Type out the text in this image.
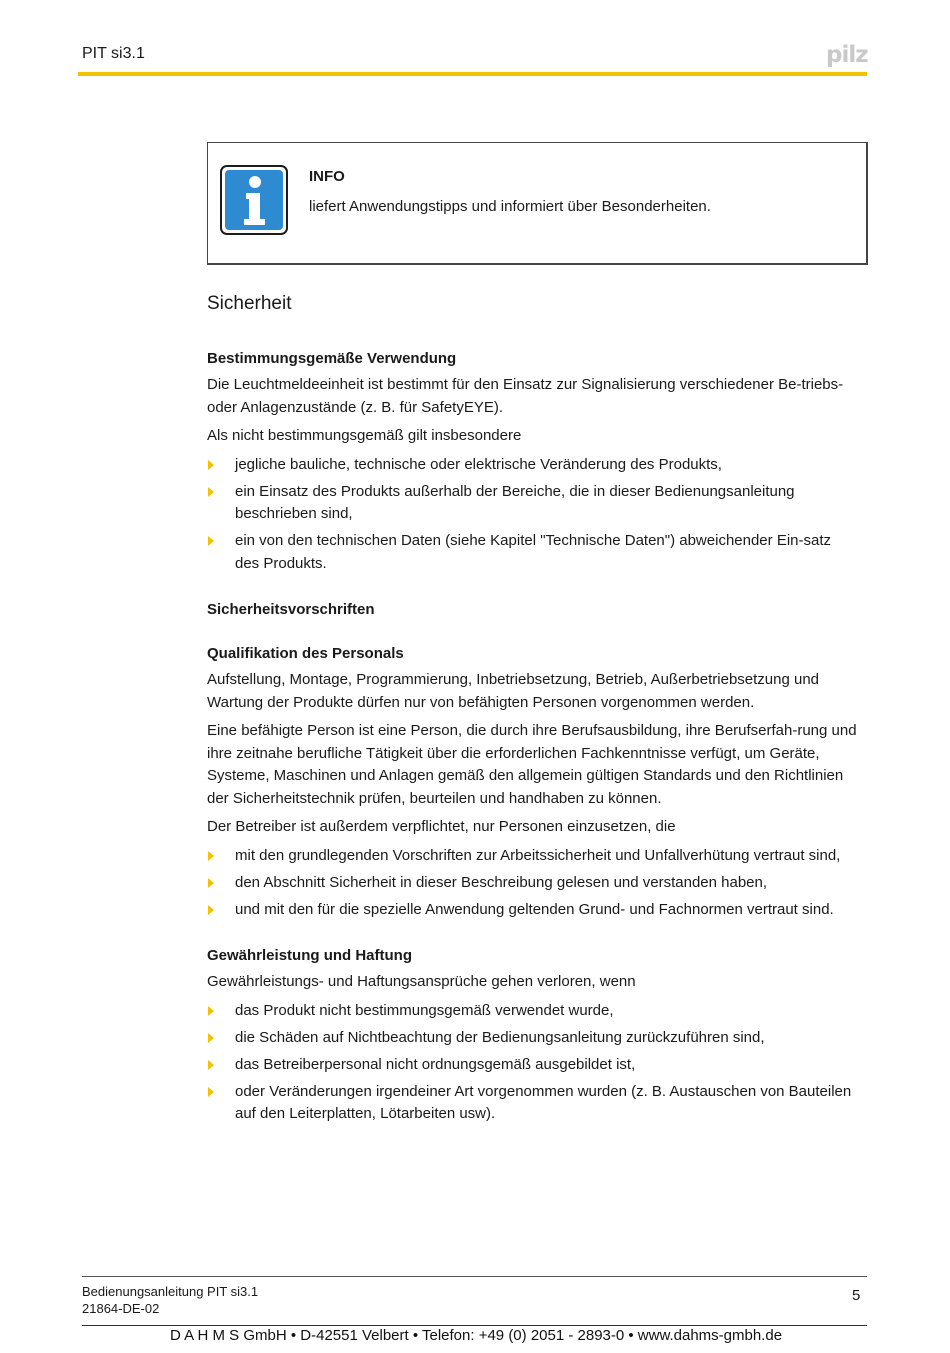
PIT si3.1	pilz
INFO
liefert Anwendungstipps und informiert über Besonderheiten.
Sicherheit
Bestimmungsgemäße Verwendung
Die Leuchtmeldeeinheit ist bestimmt für den Einsatz zur Signalisierung verschiedener Be-triebs- oder Anlagenzustände (z. B. für SafetyEYE).
Als nicht bestimmungsgemäß gilt insbesondere
jegliche bauliche, technische oder elektrische Veränderung des Produkts,
ein Einsatz des Produkts außerhalb der Bereiche, die in dieser Bedienungsanleitung beschrieben sind,
ein von den technischen Daten (siehe Kapitel "Technische Daten") abweichender Ein-satz des Produkts.
Sicherheitsvorschriften
Qualifikation des Personals
Aufstellung, Montage, Programmierung, Inbetriebsetzung, Betrieb, Außerbetriebsetzung und Wartung der Produkte dürfen nur von befähigten Personen vorgenommen werden.
Eine befähigte Person ist eine Person, die durch ihre Berufsausbildung, ihre Berufserfah-rung und ihre zeitnahe berufliche Tätigkeit über die erforderlichen Fachkenntnisse verfügt, um Geräte, Systeme, Maschinen und Anlagen gemäß den allgemein gültigen Standards und den Richtlinien der Sicherheitstechnik prüfen, beurteilen und handhaben zu können.
Der Betreiber ist außerdem verpflichtet, nur Personen einzusetzen, die
mit den grundlegenden Vorschriften zur Arbeitssicherheit und Unfallverhütung vertraut sind,
den Abschnitt Sicherheit in dieser Beschreibung gelesen und verstanden haben,
und mit den für die spezielle Anwendung geltenden Grund- und Fachnormen vertraut sind.
Gewährleistung und Haftung
Gewährleistungs- und Haftungsansprüche gehen verloren, wenn
das Produkt nicht bestimmungsgemäß verwendet wurde,
die Schäden auf Nichtbeachtung der Bedienungsanleitung zurückzuführen sind,
das Betreiberpersonal nicht ordnungsgemäß ausgebildet ist,
oder Veränderungen irgendeiner Art vorgenommen wurden (z. B. Austauschen von Bauteilen auf den Leiterplatten, Lötarbeiten usw).
Bedienungsanleitung PIT si3.1
21864-DE-02
5
D A H M S GmbH • D-42551 Velbert • Telefon: +49 (0) 2051 - 2893-0 • www.dahms-gmbh.de
